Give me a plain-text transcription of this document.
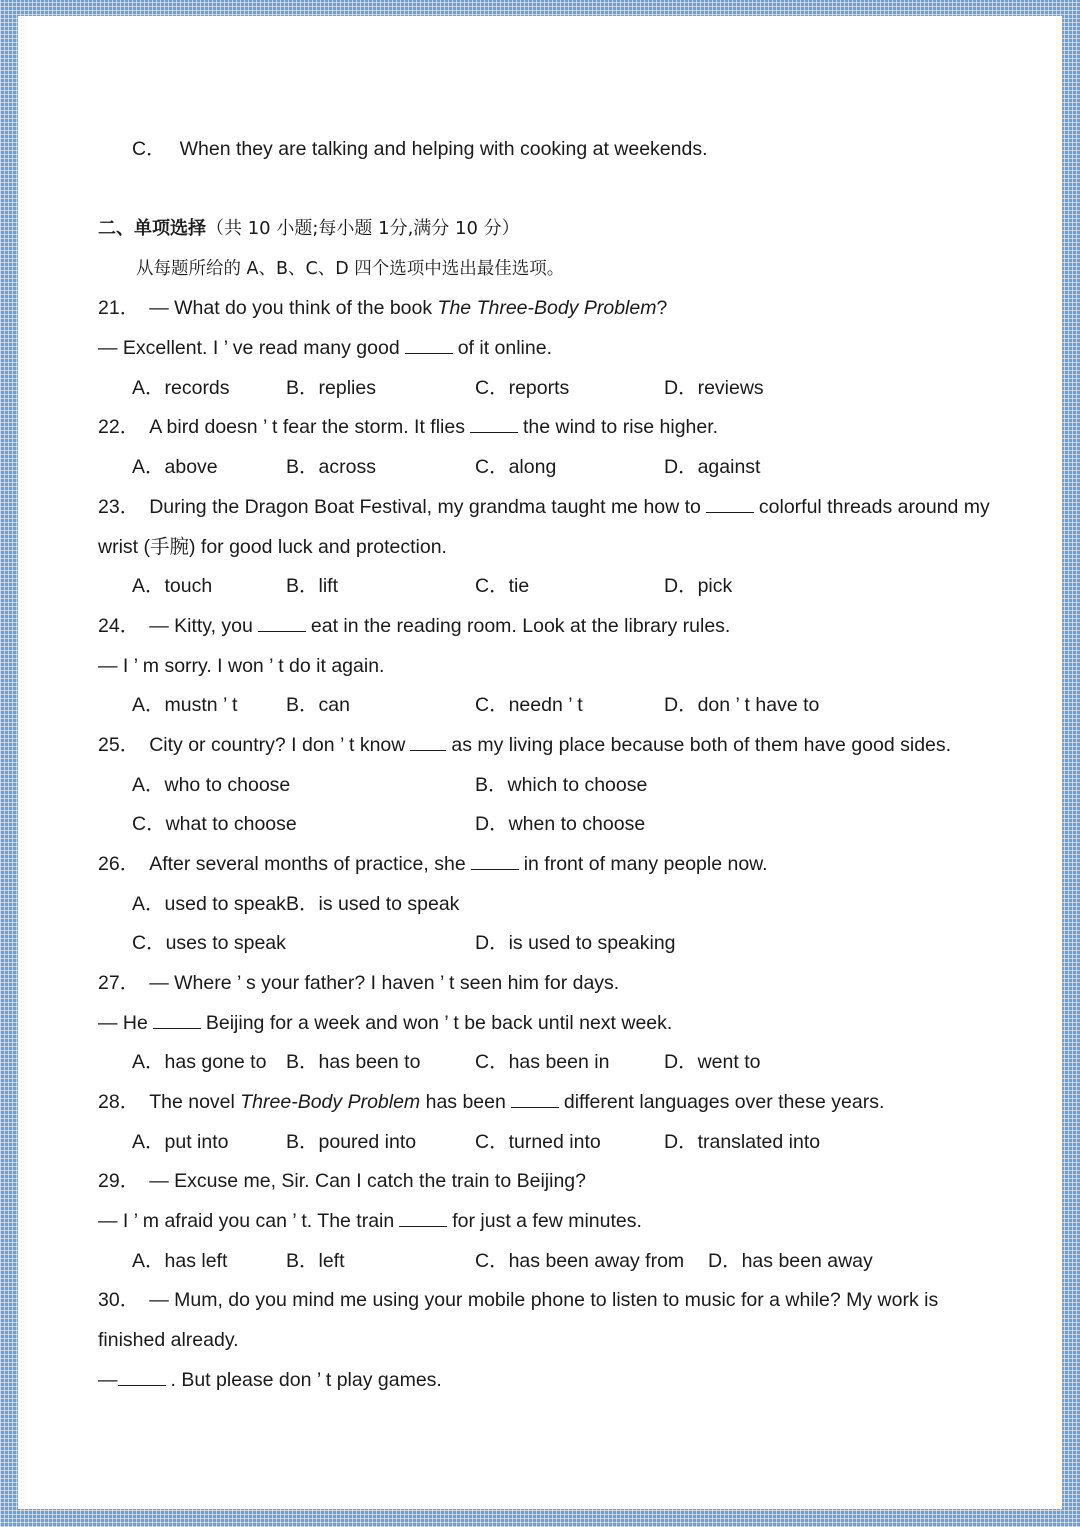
C． When they are talking and helping with cooking at weekends.
二、单项选择（共 10 小题;每小题 1分,满分 10 分）
从每题所给的 A、B、C、D 四个选项中选出最佳选项。
21． — What do you think of the book The Three-Body Problem?
— Excellent. I ’ ve read many good	of it online.
A．records	B．replies	C．reports	D．reviews
22． A bird doesn ’ t fear the storm. It flies	the wind to rise higher.
A．above	B．across	C．along	D．against
23． During the Dragon Boat Festival, my grandma taught me how to	colorful threads around my
wrist (手腕) for good luck and protection.
A．touch	B．lift	C．tie	D．pick
24． — Kitty, you	eat in the reading room. Look at the library rules.
— I ’ m sorry. I won ’ t do it again.
A．mustn ’ t B．can	C．needn ’ t	D．don ’ t have to
25． City or country? I don ’ t know as my living place because both of them have good sides.
A．who to choose	B．which to choose
C．what to choose	D．when to choose
26． After several months of practice, she	in front of many people now.
A．used to speak B．is used to speak
C．uses to speak	D．is used to speaking
27． — Where ’ s your father? I haven ’ t seen him for days.
— He	Beijing for a week and won ’ t be back until next week.
A．has gone to B．has been to	C．has been in	D．went to
28． The novel Three-Body Problem has been	different languages over these years.
A．put into	B．poured into	C．turned into	D．translated into
29． — Excuse me, Sir. Can I catch the train to Beijing?
— I ’ m afraid you can ’ t. The train	for just a few minutes.
A．has left	B．left	C．has been away from D．has been away
30． — Mum, do you mind me using your mobile phone to listen to music for a while? My work is
finished already.
—	. But please don ’ t play games.
